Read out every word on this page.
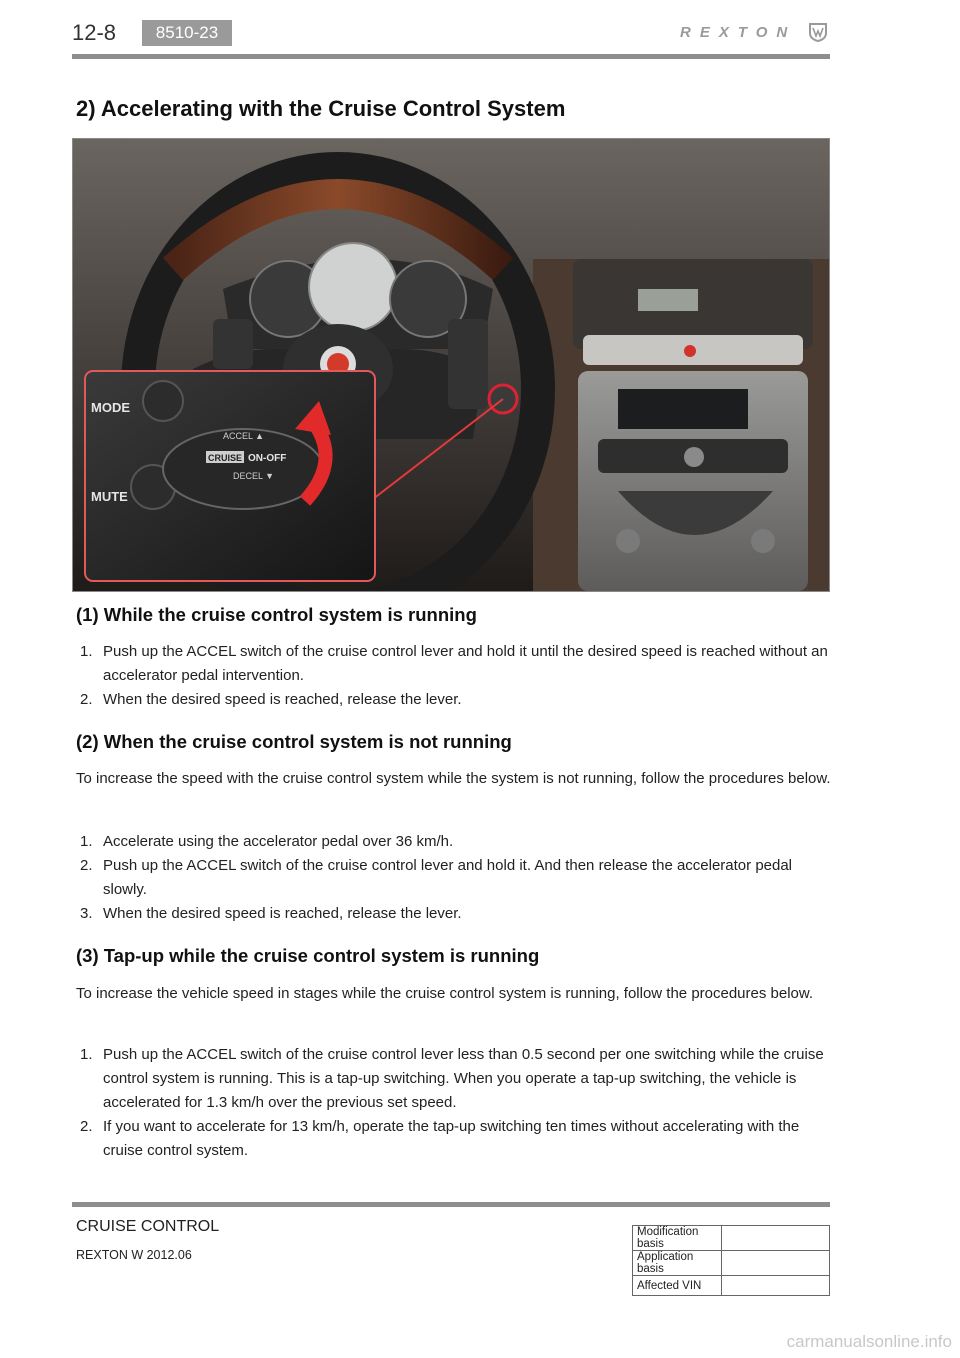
12-8	8510-23	REXTON
2) Accelerating with the Cruise Control System
MODE
MUTE
ACCEL ▲
CRUISE ON-OFF
DECEL ▼
(1) While the cruise control system is running
1. Push up the ACCEL switch of the cruise control lever and hold it until the desired speed is reached without an accelerator pedal intervention.
2. When the desired speed is reached, release the lever.
(2) When the cruise control system is not running

To increase the speed with the cruise control system while the system is not running, follow the procedures below.

1. Accelerate using the accelerator pedal over 36 km/h.
2. Push up the ACCEL switch of the cruise control lever and hold it. And then release the accelerator pedal slowly.
3. When the desired speed is reached, release the lever.
(3) Tap-up while the cruise control system is running

To increase the vehicle speed in stages while the cruise control system is running, follow the procedures below.

1. Push up the ACCEL switch of the cruise control lever less than 0.5 second per one switching while the cruise control system is running. This is a tap-up switching. When you operate a tap-up switching, the vehicle is accelerated for 1.3 km/h over the previous set speed.
2. If you want to accelerate for 13 km/h, operate the tap-up switching ten times without accelerating with the cruise control system.
CRUISE CONTROL
REXTON W 2012.06
Modification basis	
Application basis	
Affected VIN	
carmanualsonline.info
